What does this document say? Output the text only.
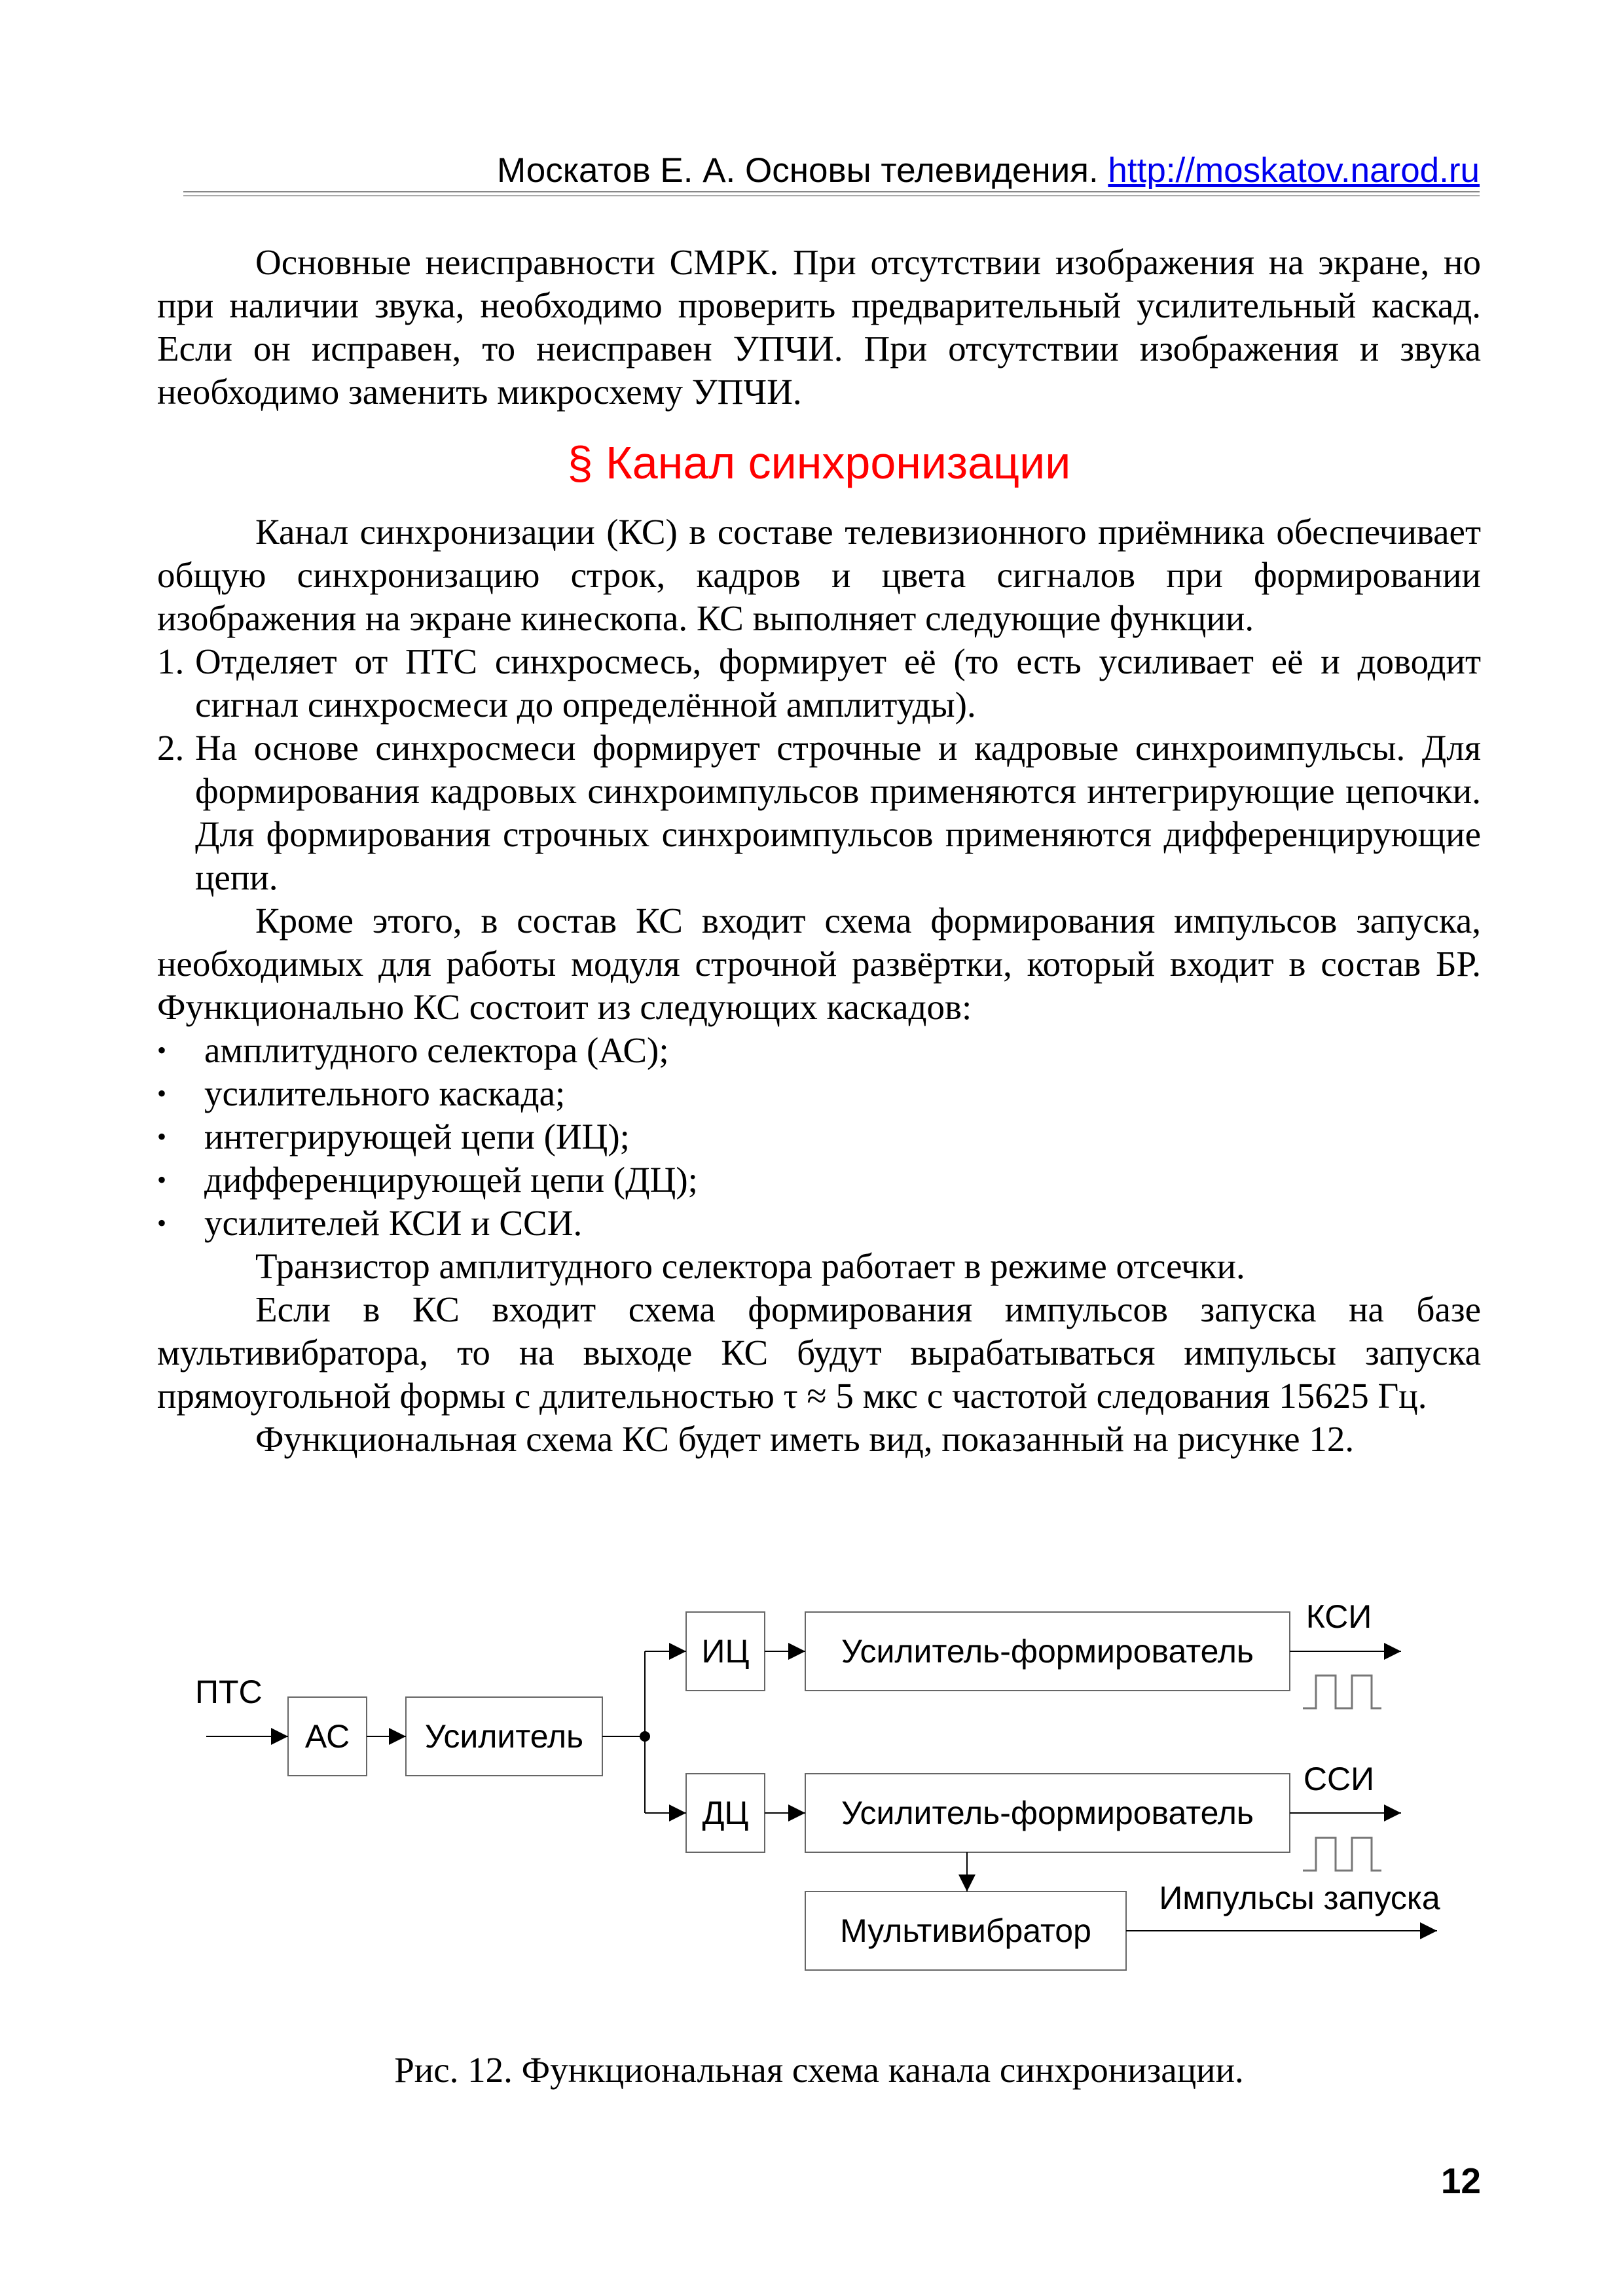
Москатов Е. А. Основы телевидения. http://moskatov.narod.ru

Основные неисправности СМРК. При отсутствии изображения на экране, но при наличии звука, необходимо проверить предварительный усилительный каскад. Если он исправен, то неисправен УПЧИ. При отсутствии изображения и звука необходимо заменить микросхему УПЧИ.

§ Канал синхронизации

Канал синхронизации (КС) в составе телевизионного приёмника обеспечивает общую синхронизацию строк, кадров и цвета сигналов при формировании изображения на экране кинескопа. КС выполняет следующие функции.

1. Отделяет от ПТС синхросмесь, формирует её (то есть усиливает её и доводит сигнал синхросмеси до определённой амплитуды).
2. На основе синхросмеси формирует строчные и кадровые синхроимпульсы. Для формирования кадровых синхроимпульсов применяются интегрирующие цепочки. Для формирования строчных синхроимпульсов применяются дифференцирующие цепи.

Кроме этого, в состав КС входит схема формирования импульсов запуска, необходимых для работы модуля строчной развёртки, который входит в состав БР. Функционально КС состоит из следующих каскадов:

• амплитудного селектора (АС);
• усилительного каскада;
• интегрирующей цепи (ИЦ);
• дифференцирующей цепи (ДЦ);
• усилителей КСИ и ССИ.

Транзистор амплитудного селектора работает в режиме отсечки.

Если в КС входит схема формирования импульсов запуска на базе мультивибратора, то на выходе КС будут вырабатываться импульсы запуска прямоугольной формы с длительностью τ ≈ 5 мкс с частотой следования 15625 Гц.

Функциональная схема КС будет иметь вид, показанный на рисунке 12.

ПТС
АС Усилитель
ИЦ
ДЦ
Усилитель-формирователь
Усилитель-формирователь
Мультивибратор
КСИ
ССИ
Импульсы запуска
Рис. 12. Функциональная схема канала синхронизации.
12
